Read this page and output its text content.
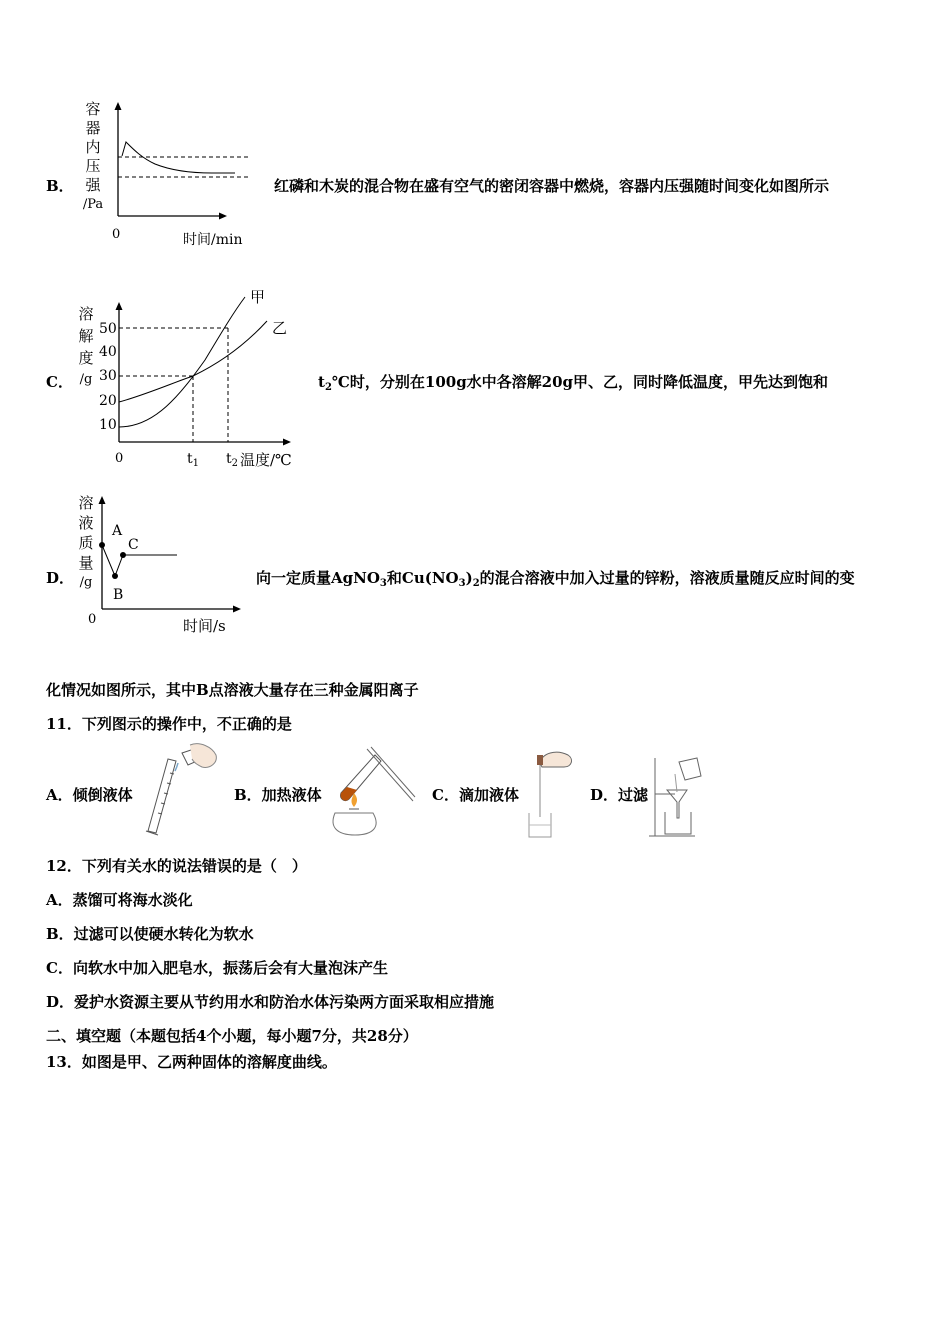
B．
容
器
内
压
强
/Pa
0	时间/min
红磷和木炭的混合物在盛有空气的密闭容器中燃烧，容器内压强随时间变化如图所示
C．
溶
解
度
/g
50
40
30
20
10
甲
乙
0	$t_1$ $t_2$ 温度/℃
$t_2℃$时，分别在100g水中各溶解20g甲、乙，同时降低温度，甲先达到饱和
D．
溶
液
质
量
/g
A
B
C
0	时间/s
向一定质量AgNO$_3$和$Cu(NO_3)_2$的混合溶液中加入过量的锌粉，溶液质量随反应时间的变
化情况如图所示，其中B点溶液大量存在三种金属阳离子
11．下列图示的操作中，不正确的是
A．倾倒液体	B．加热液体	C．滴加液体	D．过滤
12．下列有关水的说法错误的是（　）
A．蒸馏可将海水淡化
B．过滤可以使硬水转化为软水
C．向软水中加入肥皂水，振荡后会有大量泡沫产生
D．爱护水资源主要从节约用水和防治水体污染两方面采取相应措施
二、填空题（本题包括4个小题，每小题7分，共28分）
13．如图是甲、乙两种固体的溶解度曲线。
